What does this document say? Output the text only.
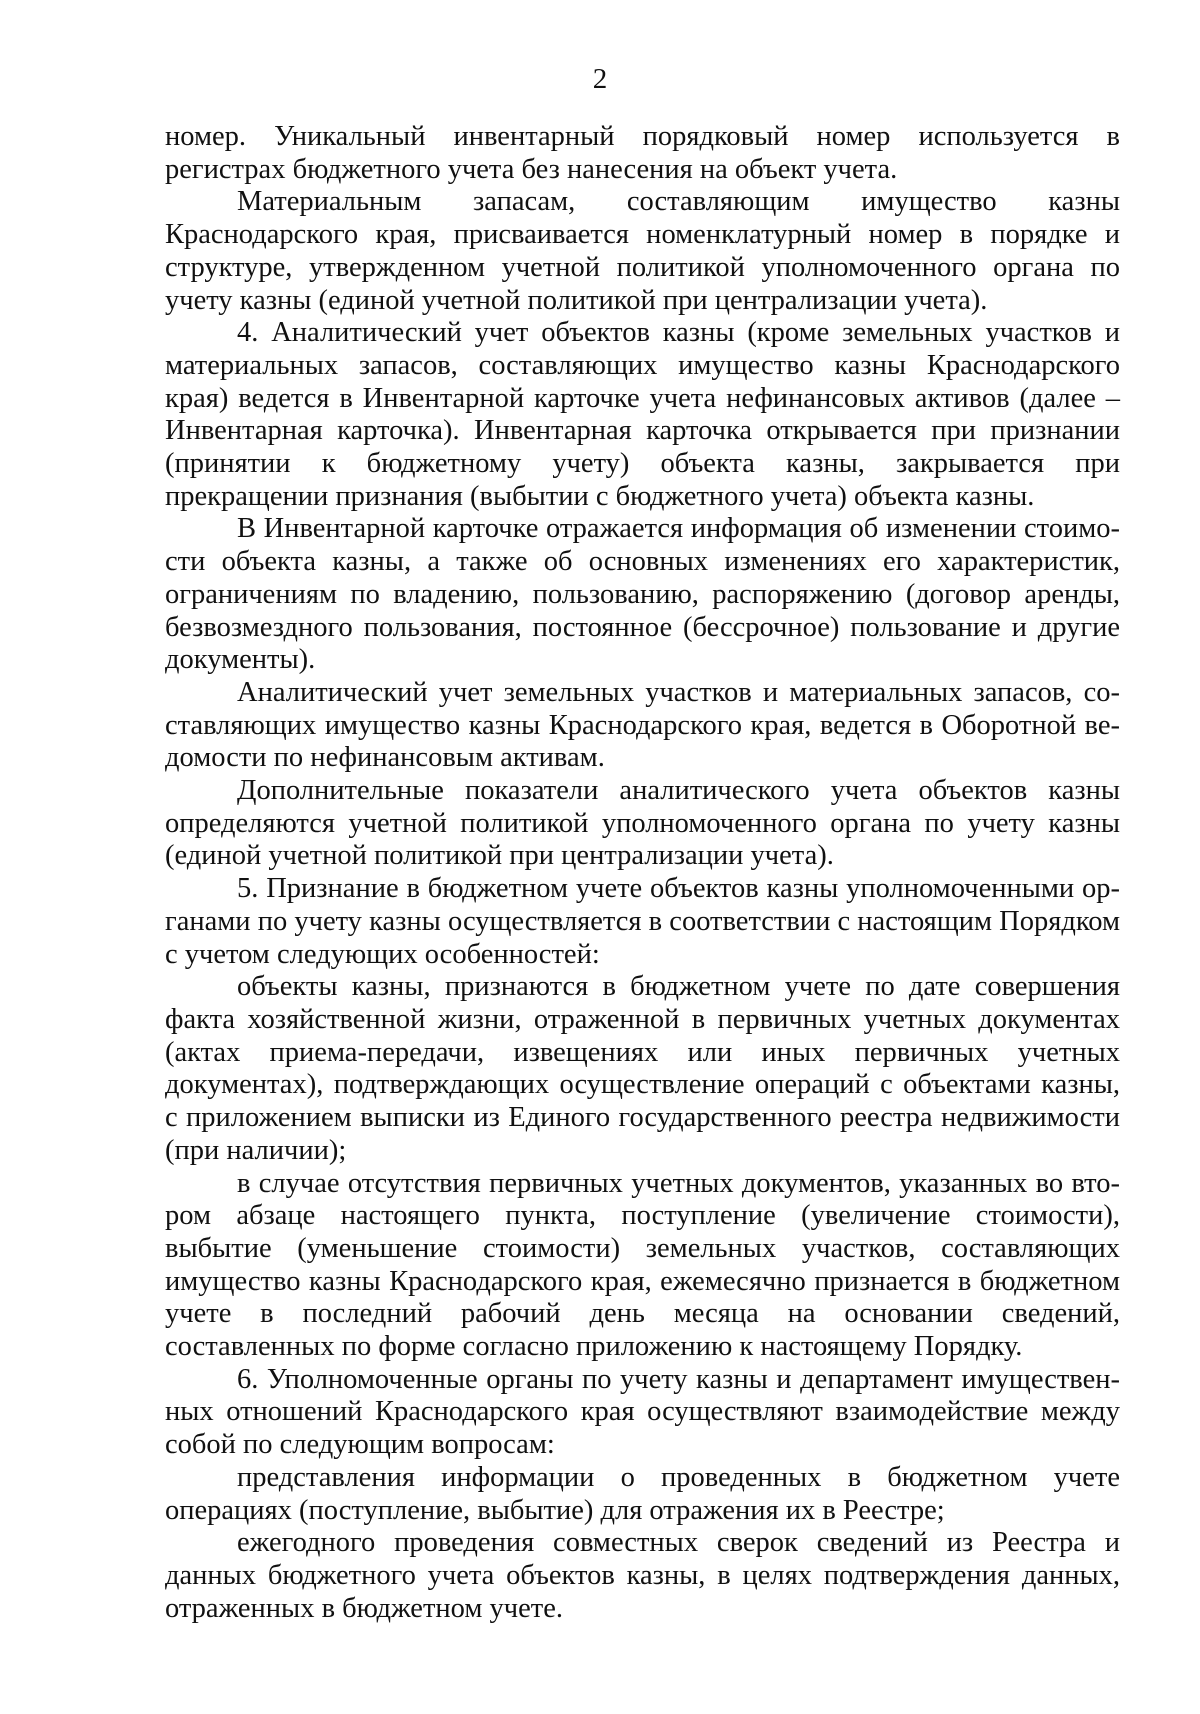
2

номер. Уникальный инвентарный порядковый номер используется в регистрах бюджетного учета без нанесения на объект учета.

Материальным запасам, составляющим имущество казны Краснодарского края, присваивается номенклатурный номер в порядке и структуре, утвержденном учетной политикой уполномоченного органа по учету казны (единой учетной политикой при централизации учета).

4. Аналитический учет объектов казны (кроме земельных участков и материальных запасов, составляющих имущество казны Краснодарского края) ведется в Инвентарной карточке учета нефинансовых активов (далее – Инвентарная карточка). Инвентарная карточка открывается при признании (принятии к бюджетному учету) объекта казны, закрывается при прекращении признания (выбытии с бюджетного учета) объекта казны.

В Инвентарной карточке отражается информация об изменении стоимости объекта казны, а также об основных изменениях его характеристик, ограничениям по владению, пользованию, распоряжению (договор аренды, безвозмездного пользования, постоянное (бессрочное) пользование и другие документы).

Аналитический учет земельных участков и материальных запасов, составляющих имущество казны Краснодарского края, ведется в Оборотной ведомости по нефинансовым активам.

Дополнительные показатели аналитического учета объектов казны определяются учетной политикой уполномоченного органа по учету казны (единой учетной политикой при централизации учета).

5. Признание в бюджетном учете объектов казны уполномоченными органами по учету казны осуществляется в соответствии с настоящим Порядком с учетом следующих особенностей:

объекты казны, признаются в бюджетном учете по дате совершения факта хозяйственной жизни, отраженной в первичных учетных документах (актах приема-передачи, извещениях или иных первичных учетных документах), подтверждающих осуществление операций с объектами казны, с приложением выписки из Единого государственного реестра недвижимости (при наличии);

в случае отсутствия первичных учетных документов, указанных во втором абзаце настоящего пункта, поступление (увеличение стоимости), выбытие (уменьшение стоимости) земельных участков, составляющих имущество казны Краснодарского края, ежемесячно признается в бюджетном учете в последний рабочий день месяца на основании сведений, составленных по форме согласно приложению к настоящему Порядку.

6. Уполномоченные органы по учету казны и департамент имущественных отношений Краснодарского края осуществляют взаимодействие между собой по следующим вопросам:

представления информации о проведенных в бюджетном учете операциях (поступление, выбытие) для отражения их в Реестре;

ежегодного проведения совместных сверок сведений из Реестра и данных бюджетного учета объектов казны, в целях подтверждения данных, отраженных в бюджетном учете.
